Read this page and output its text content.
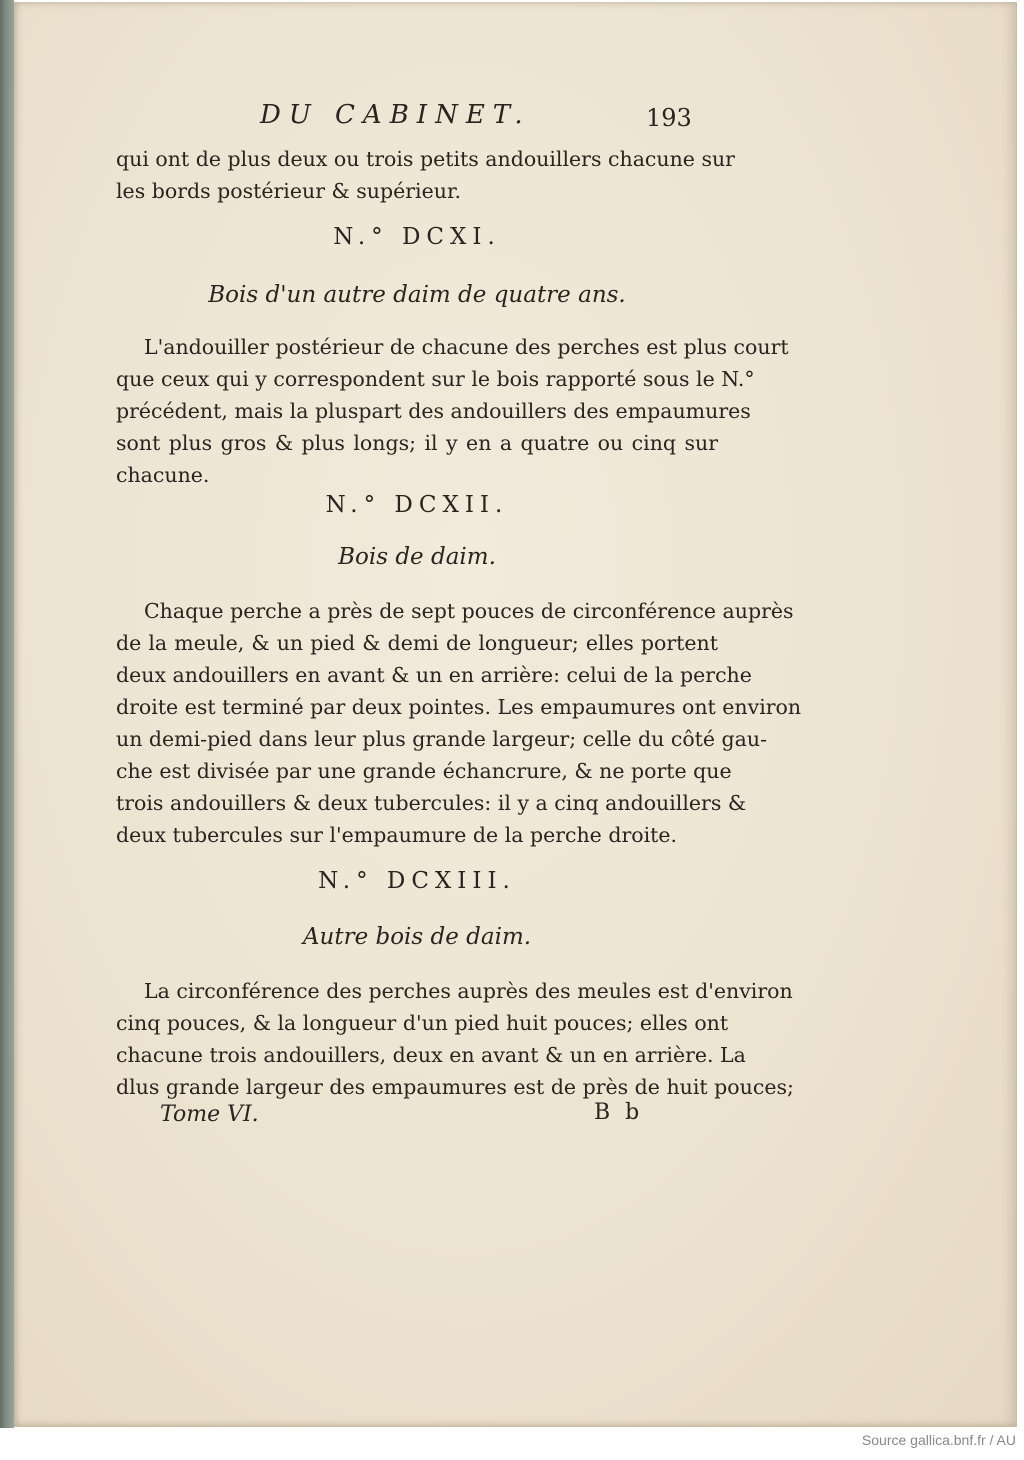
DU CABINET.	193

qui ont de plus deux ou trois petits andouillers chacune sur

les bords postérieur & supérieur.

N.° DCXI.

Bois d'un autre daim de quatre ans.

L'andouiller postérieur de chacune des perches est plus court

que ceux qui y correspondent sur le bois rapporté sous le N.°

précédent, mais la pluspart des andouillers des empaumures

sont plus gros & plus longs; il y en a quatre ou cinq sur

chacune.

N.° DCXII.

Bois de daim.

Chaque perche a près de sept pouces de circonférence auprès

de la meule, & un pied & demi de longueur; elles portent

deux andouillers en avant & un en arrière: celui de la perche

droite est terminé par deux pointes. Les empaumures ont environ

un demi-pied dans leur plus grande largeur; celle du côté gau-

che est divisée par une grande échancrure, & ne porte que

trois andouillers & deux tubercules: il y a cinq andouillers &

deux tubercules sur l'empaumure de la perche droite.

N.° DCXIII.

Autre bois de daim.

La circonférence des perches auprès des meules est d'environ

cinq pouces, & la longueur d'un pied huit pouces; elles ont

chacune trois andouillers, deux en avant & un en arrière. La

dlus grande largeur des empaumures est de près de huit pouces;

Tome VI.	B b

Source gallica.bnf.fr / AU
